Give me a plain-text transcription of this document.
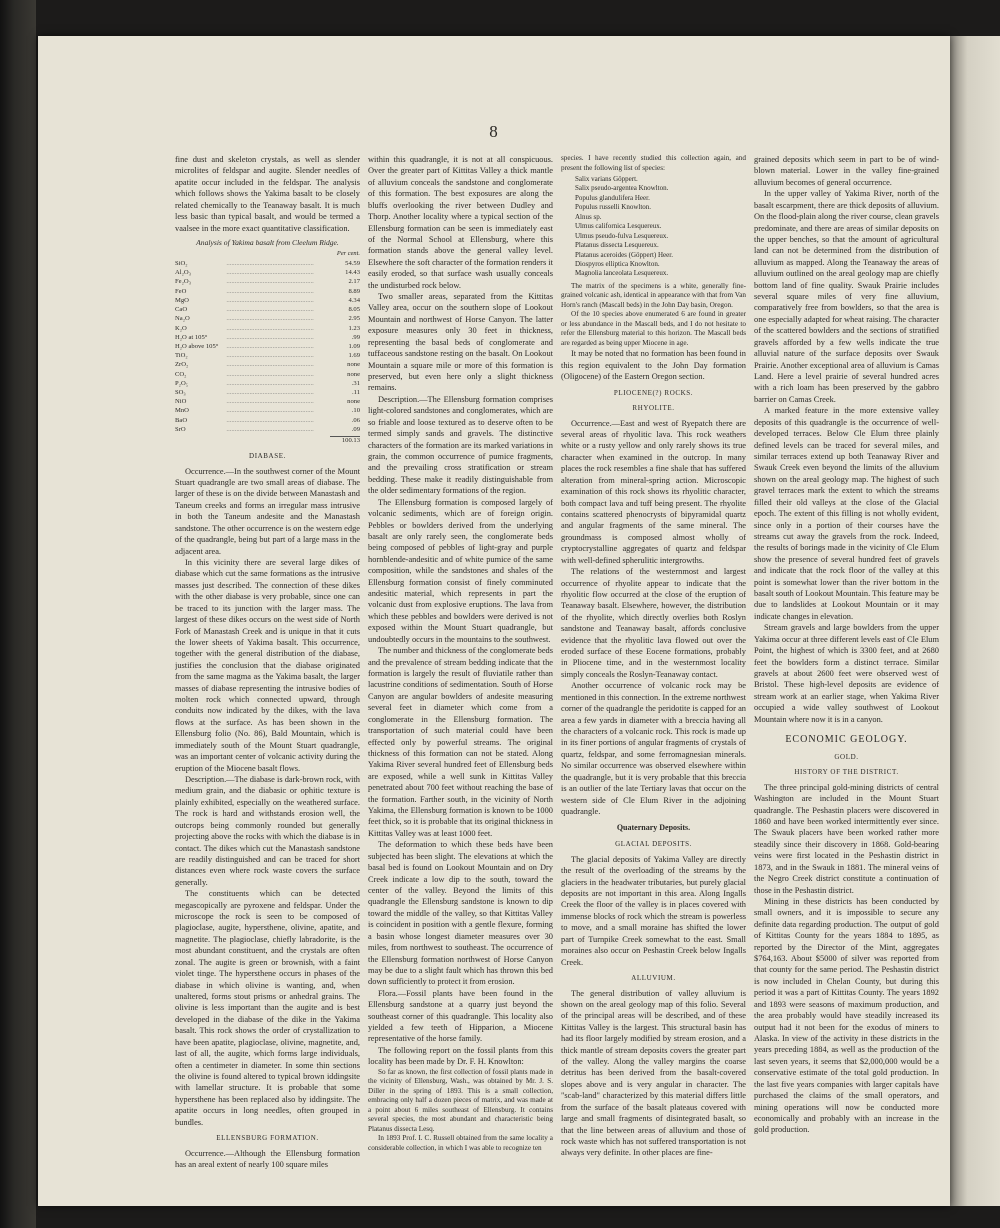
8

fine dust and skeleton crystals, as well as slender microlites of feldspar and augite. Slender needles of apatite occur included in the feldspar. The analysis which follows shows the Yakima basalt to be closely related chemically to the Teanaway basalt. It is much less basic than typical basalt, and would be termed a vaalsee in the more exact quantitative classification.

Analysis of Yakima basalt from Cleelum Ridge.
Per cent.
SiO₂	.....................................................	54.59
Al₂O₃	.....................................................	14.43
Fe₂O₃	.....................................................	2.17
FeO	.....................................................	8.89
MgO	.....................................................	4.34
CaO	.....................................................	8.05
Na₂O	.....................................................	2.95
K₂O	.....................................................	1.23
H₂O at 105°	.....................................................	.99
H₂O above 105°	.....................................................	1.09
TiO₂	.....................................................	1.69
ZrO₂	.....................................................	none
CO₂	.....................................................	none
P₂O₅	.....................................................	.31
SO₃	.....................................................	.11
NiO	.....................................................	none
MnO	.....................................................	.10
BaO	.....................................................	.06
SrO	.....................................................	.09
100.13
DIABASE.

Occurrence.—In the southwest corner of the Mount Stuart quadrangle are two small areas of diabase. The larger of these is on the divide between Manastash and Taneum creeks and forms an irregular mass intrusive in both the Taneum andesite and the Manastash sandstone. The other occurrence is on the western edge of the quadrangle, being but part of a large mass in the adjacent area.

In this vicinity there are several large dikes of diabase which cut the same formations as the intrusive masses just described. The connection of these dikes with the other diabase is very probable, since one can be traced to its junction with the larger mass. The largest of these dikes occurs on the west side of North Fork of Manastash Creek and is unique in that it cuts the lower sheets of Yakima basalt. This occurrence, together with the general distribution of the diabase, justifies the conclusion that the diabase originated from the same magma as the Yakima basalt, the larger masses of diabase representing the intrusive bodies of molten rock which connected upward, through conduits now indicated by the dikes, with the lava flows at the surface. As has been shown in the Ellensburg folio (No. 86), Bald Mountain, which is immediately south of the Mount Stuart quadrangle, was an important center of volcanic activity during the eruption of the Miocene basalt flows.

Description.—The diabase is dark-brown rock, with medium grain, and the diabasic or ophitic texture is plainly exhibited, especially on the weathered surface. The rock is hard and withstands erosion well, the outcrops being commonly rounded but generally projecting above the rocks with which the diabase is in contact. The dikes which cut the Manastash sandstone are readily distinguished and can be traced for short distances even where rock waste covers the surface generally.

The constituents which can be detected megascopically are pyroxene and feldspar. Under the microscope the rock is seen to be composed of plagioclase, augite, hypersthene, olivine, apatite, and magnetite. The plagioclase, chiefly labradorite, is the most abundant constituent, and the crystals are often zonal. The augite is green or brownish, with a faint violet tinge. The hypersthene occurs in phases of the diabase in which olivine is wanting, and, when unaltered, forms stout prisms or anhedral grains. The olivine is less important than the augite and is best developed in the diabase of the dike in the Yakima basalt. This rock shows the order of crystallization to have been apatite, plagioclase, olivine, magnetite, and, last of all, the augite, which forms large individuals, often a centimeter in diameter. In some thin sections the olivine is found altered to typical brown iddingsite with lamellar structure. It is probable that some hypersthene has been replaced also by iddingsite. The apatite occurs in long needles, often grouped in bundles.

ELLENSBURG FORMATION.

Occurrence.—Although the Ellensburg formation has an areal extent of nearly 100 square miles

within this quadrangle, it is not at all conspicuous. Over the greater part of Kittitas Valley a thick mantle of alluvium conceals the sandstone and conglomerate of this formation. The best exposures are along the bluffs overlooking the river between Dudley and Thorp. Another locality where a typical section of the Ellensburg formation can be seen is immediately east of the Normal School at Ellensburg, where this formation stands above the general valley level. Elsewhere the soft character of the formation renders it easily eroded, so that surface wash usually conceals the undisturbed rock below.

Two smaller areas, separated from the Kittitas Valley area, occur on the southern slope of Lookout Mountain and northwest of Horse Canyon. The latter exposure measures only 30 feet in thickness, representing the basal beds of conglomerate and tuffaceous sandstone resting on the basalt. On Lookout Mountain a square mile or more of this formation is preserved, but even here only a slight thickness remains.

Description.—The Ellensburg formation comprises light-colored sandstones and conglomerates, which are so friable and loose textured as to deserve often to be termed simply sands and gravels. The distinctive characters of the formation are its marked variations in grain, the common occurrence of pumice fragments, and the prevailing cross stratification or stream bedding. These make it readily distinguishable from the older sedimentary formations of the region.

The Ellensburg formation is composed largely of volcanic sediments, which are of foreign origin. Pebbles or bowlders derived from the underlying basalt are only rarely seen, the conglomerate beds being composed of pebbles of light-gray and purple hornblende-andesitic and of white pumice of the same composition, while the sandstones and shales of the Ellensburg formation consist of finely comminuted andesitic material, which represents in part the volcanic dust from explosive eruptions. The lava from which these pebbles and bowlders were derived is not exposed within the Mount Stuart quadrangle, but undoubtedly occurs in the mountains to the southwest.

The number and thickness of the conglomerate beds and the prevalence of stream bedding indicate that the formation is largely the result of fluviatile rather than lacustrine conditions of sedimentation. South of Horse Canyon are angular bowlders of andesite measuring several feet in diameter which come from a conglomerate in the Ellensburg formation. The transportation of such material could have been effected only by powerful streams. The original thickness of this formation can not be stated. Along Yakima River several hundred feet of Ellensburg beds are exposed, while a well sunk in Kittitas Valley penetrated about 700 feet without reaching the base of the formation. Farther south, in the vicinity of North Yakima, the Ellensburg formation is known to be 1000 feet thick, so it is probable that its original thickness in Kittitas Valley was at least 1000 feet.

The deformation to which these beds have been subjected has been slight. The elevations at which the basal bed is found on Lookout Mountain and on Dry Creek indicate a low dip to the south, toward the center of the valley. Beyond the limits of this quadrangle the Ellensburg sandstone is known to dip toward the middle of the valley, so that Kittitas Valley is coincident in position with a gentle flexure, forming a basin whose longest diameter measures over 30 miles, from northwest to southeast. The occurrence of the Ellensburg formation northwest of Horse Canyon may be due to a slight fault which has thrown this bed down sufficiently to protect it from erosion.

Flora.—Fossil plants have been found in the Ellensburg sandstone at a quarry just beyond the southeast corner of this quadrangle. This locality also yielded a few teeth of Hipparion, a Miocene representative of the horse family.

The following report on the fossil plants from this locality has been made by Dr. F. H. Knowlton:

So far as known, the first collection of fossil plants made in the vicinity of Ellensburg, Wash., was obtained by Mr. J. S. Diller in the spring of 1893. This is a small collection, embracing only half a dozen pieces of matrix, and was made at a point about 6 miles southeast of Ellensburg. It contains several species, the most abundant and characteristic being Platanus dissecta Lesq.

In 1893 Prof. I. C. Russell obtained from the same locality a considerable collection, in which I was able to recognize ten

species. I have recently studied this collection again, and present the following list of species:

Salix varians Göppert.
Salix pseudo-argentea Knowlton.
Populus glandulifera Heer.
Populus russelli Knowlton.
Alnus sp.
Ulmus californica Lesquereux.
Ulmus pseudo-fulva Lesquereux.
Platanus dissecta Lesquereux.
Platanus aceroides (Göppert) Heer.
Diospyros elliptica Knowlton.
Magnolia lanceolata Lesquereux.

The matrix of the specimens is a white, generally fine-grained volcanic ash, identical in appearance with that from Van Horn's ranch (Mascall beds) in the John Day basin, Oregon.

Of the 10 species above enumerated 6 are found in greater or less abundance in the Mascall beds, and I do not hesitate to refer the Ellensburg material to this horizon. The Mascall beds are regarded as being upper Miocene in age.

It may be noted that no formation has been found in this region equivalent to the John Day formation (Oligocene) of the Eastern Oregon section.

PLIOCENE(?) ROCKS.
RHYOLITE.

Occurrence.—East and west of Ryepatch there are several areas of rhyolitic lava. This rock weathers white or a rusty yellow and only rarely shows its true character when examined in the outcrop. In many places the rock resembles a fine shale that has suffered alteration from mineral-spring action. Microscopic examination of this rock shows its rhyolitic character, both compact lava and tuff being present. The rhyolite contains scattered phenocrysts of bipyramidal quartz and angular fragments of the same mineral. The groundmass is composed almost wholly of cryptocrystalline aggregates of quartz and feldspar with well-defined spherulitic intergrowths.

The relations of the westernmost and largest occurrence of rhyolite appear to indicate that the rhyolitic flow occurred at the close of the eruption of Teanaway basalt. Elsewhere, however, the distribution of the rhyolite, which directly overlies both Roslyn sandstone and Teanaway basalt, affords conclusive evidence that the rhyolitic lava flowed out over the eroded surface of these Eocene formations, probably in Pliocene time, and in the westernmost locality simply conceals the Roslyn-Teanaway contact.

Another occurrence of volcanic rock may be mentioned in this connection. In the extreme northwest corner of the quadrangle the peridotite is capped for an area a few yards in diameter with a breccia having all the characters of a volcanic rock. This rock is made up in its finer portions of angular fragments of crystals of quartz, feldspar, and some ferromagnesian minerals. No similar occurrence was observed elsewhere within the quadrangle, but it is very probable that this breccia is an outlier of the late Tertiary lavas that occur on the western side of Cle Elum River in the adjoining quadrangle.

Quaternary Deposits.
GLACIAL DEPOSITS.

The glacial deposits of Yakima Valley are directly the result of the overloading of the streams by the glaciers in the headwater tributaries, but purely glacial deposits are not important in this area. Along Ingalls Creek the floor of the valley is in places covered with immense blocks of rock which the stream is powerless to move, and a small moraine has shifted the lower part of Turnpike Creek somewhat to the east. Small moraines also occur on Peshastin Creek below Ingalls Creek.

ALLUVIUM.

The general distribution of valley alluvium is shown on the areal geology map of this folio. Several of the principal areas will be described, and of these Kittitas Valley is the largest. This structural basin has had its floor largely modified by stream erosion, and a thick mantle of stream deposits covers the greater part of the valley. Along the valley margins the coarse detritus has been derived from the basalt-covered slopes above and is very angular in character. The "scab-land" characterized by this material differs little from the surface of the basalt plateaus covered with large and small fragments of disintegrated basalt, so that the line between areas of alluvium and those of rock waste which has not suffered transportation is not always very definite. In other places are fine-

grained deposits which seem in part to be of wind-blown material. Lower in the valley fine-grained alluvium becomes of general occurrence.

In the upper valley of Yakima River, north of the basalt escarpment, there are thick deposits of alluvium. On the flood-plain along the river course, clean gravels predominate, and there are areas of similar deposits on the upper benches, so that the amount of agricultural land can not be determined from the distribution of alluvium as mapped. Along the Teanaway the areas of alluvium outlined on the areal geology map are chiefly bottom land of fine quality. Swauk Prairie includes several square miles of very fine alluvium, comparatively free from bowlders, so that the area is one especially adapted for wheat raising. The character of the scattered bowlders and the sections of stratified gravels afforded by a few wells indicate the true alluvial nature of the surface deposits over Swauk Prairie. Another exceptional area of alluvium is Camas Land. Here a level prairie of several hundred acres with a rich loam has been preserved by the gabbro barrier on Camas Creek.

A marked feature in the more extensive valley deposits of this quadrangle is the occurrence of well-developed terraces. Below Cle Elum three plainly defined levels can be traced for several miles, and similar terraces extend up both Teanaway River and Swauk Creek even beyond the limits of the alluvium shown on the areal geology map. The highest of such gravel terraces mark the extent to which the streams filled their old valleys at the close of the Glacial epoch. The extent of this filling is not wholly evident, since only in a portion of their courses have the streams cut away the gravels from the rock. Indeed, the results of borings made in the vicinity of Cle Elum show the presence of several hundred feet of gravels and indicate that the rock floor of the valley at this point is somewhat lower than the river bottom in the basalt south of Lookout Mountain. This feature may be due to landslides at Lookout Mountain or it may indicate changes in elevation.

Stream gravels and large bowlders from the upper Yakima occur at three different levels east of Cle Elum Point, the highest of which is 3300 feet, and at 2680 feet the bowlders form a distinct terrace. Similar gravels at about 2600 feet were observed west of Bristol. These high-level deposits are evidence of stream work at an earlier stage, when Yakima River occupied a wide valley southwest of Lookout Mountain where now it is in a canyon.

ECONOMIC GEOLOGY.
GOLD.
HISTORY OF THE DISTRICT.

The three principal gold-mining districts of central Washington are included in the Mount Stuart quadrangle. The Peshastin placers were discovered in 1860 and have been worked intermittently ever since. The Swauk placers have been worked rather more steadily since their discovery in 1868. Gold-bearing veins were first located in the Peshastin district in 1873, and in the Swauk in 1881. The mineral veins of the Negro Creek district constitute a continuation of those in the Peshastin district.

Mining in these districts has been conducted by small owners, and it is impossible to secure any definite data regarding production. The output of gold of Kittitas County for the years 1884 to 1895, as reported by the Director of the Mint, aggregates $764,163. About $5000 of silver was reported from that county for the same period. The Peshastin district is now included in Chelan County, but during this period it was a part of Kittitas County. The years 1892 and 1893 were seasons of maximum production, and the area probably would have steadily increased its output had it not been for the exodus of miners to Alaska. In view of the activity in these districts in the years preceding 1884, as well as the production of the last seven years, it seems that $2,000,000 would be a conservative estimate of the total gold production. In the last five years companies with larger capitals have purchased the claims of the small operators, and mining operations will now be conducted more economically and probably with an increase in the gold production.
